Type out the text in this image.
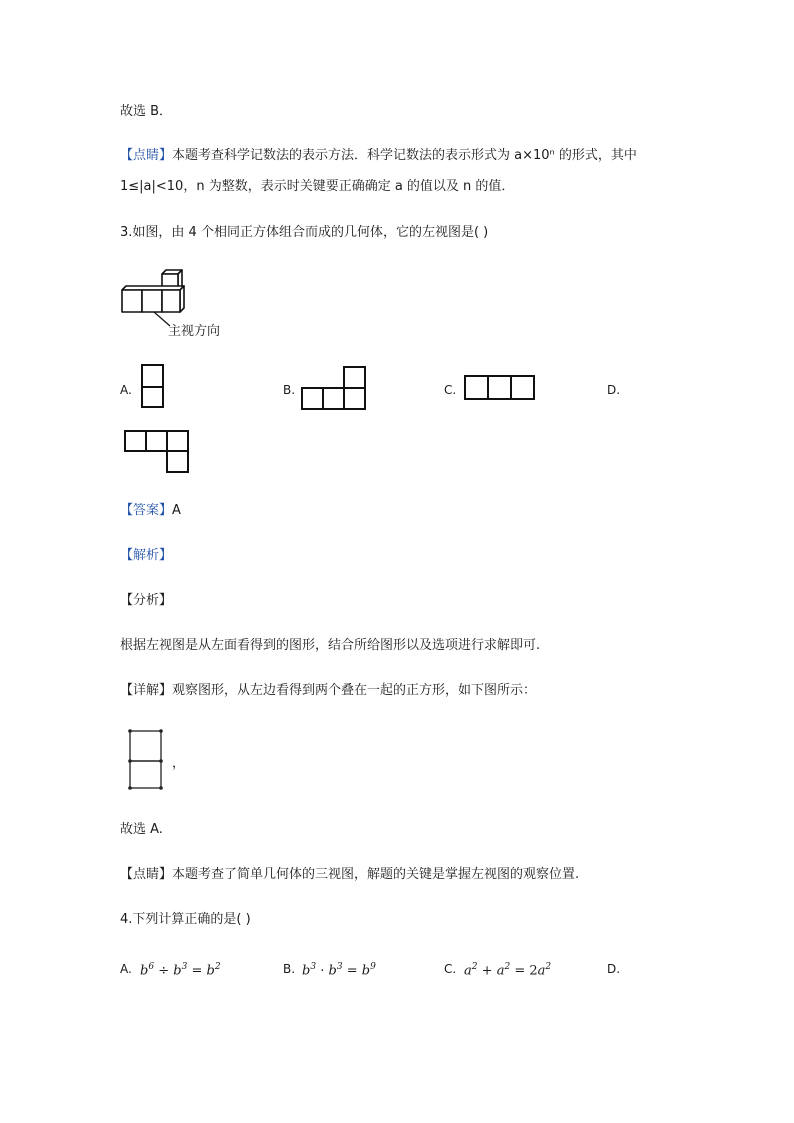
故选 B．
【点睛】本题考查科学记数法的表示方法．科学记数法的表示形式为 a×10ⁿ 的形式，其中
1≤|a|<10，n 为整数，表示时关键要正确确定 a 的值以及 n 的值．
3.如图，由 4 个相同正方体组合而成的几何体，它的左视图是( )
主视方向
A.	B.	C.	D.
【答案】A
【解析】
【分析】
根据左视图是从左面看得到的图形，结合所给图形以及选项进行求解即可.
【详解】观察图形，从左边看得到两个叠在一起的正方形，如下图所示：
，
故选 A.
【点睛】本题考查了简单几何体的三视图，解题的关键是掌握左视图的观察位置.
4.下列计算正确的是( )
A. $b^6 \div b^3 = b^2$	B. $b^3 \cdot b^3 = b^9$	C. $a^2 + a^2 = 2a^2$	D.
